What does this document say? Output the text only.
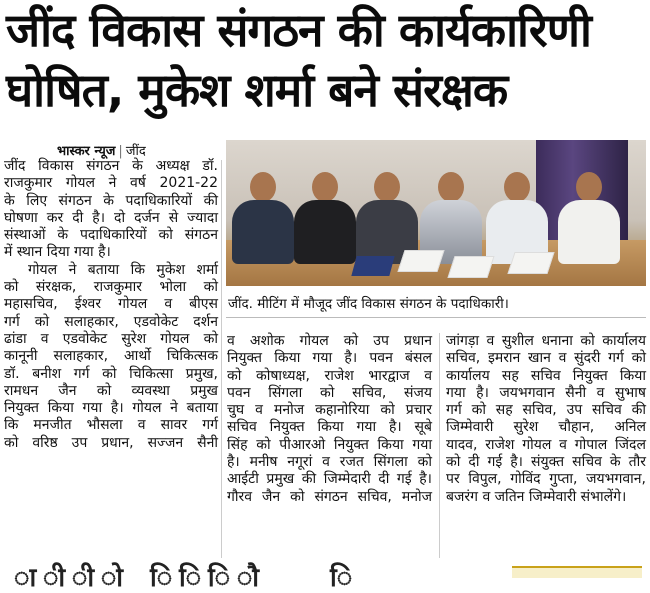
जींद विकास संगठन की कार्यकारिणी
घोषित, मुकेश शर्मा बने संरक्षक
भास्कर न्यूज | जींद
जींद. मीटिंग में मौजूद जींद विकास संगठन के पदाधिकारी।
जींद विकास संगठन के अध्यक्ष डॉ.
राजकुमार गोयल ने वर्ष 2021-22
के लिए संगठन के पदाधिकारियों की
घोषणा कर दी है। दो दर्जन से ज्यादा
संस्थाओं के पदाधिकारियों को संगठन
में स्थान दिया गया है।
गोयल ने बताया कि मुकेश शर्मा
को संरक्षक, राजकुमार भोला को
महासचिव, ईश्वर गोयल व बीएस
गर्ग को सलाहकार, एडवोकेट दर्शन
ढांडा व एडवोकेट सुरेश गोयल को
कानूनी सलाहकार, आर्थो चिकित्सक
डॉ. बनीश गर्ग को चिकित्सा प्रमुख,
रामधन जैन को व्यवस्था प्रमुख
नियुक्त किया गया है। गोयल ने बताया
कि मनजीत भौसला व सावर गर्ग
को वरिष्ठ उप प्रधान, सज्जन सैनी
व अशोक गोयल को उप प्रधान
नियुक्त किया गया है। पवन बंसल
को कोषाध्यक्ष, राजेश भारद्वाज व
पवन सिंगला को सचिव, संजय
चुघ व मनोज कहानोरिया को प्रचार
सचिव नियुक्त किया गया है। सूबे
सिंह को पीआरओ नियुक्त किया गया
है। मनीष नगूरां व रजत सिंगला को
आईटी प्रमुख की जिम्मेदारी दी गई है।
गौरव जैन को संगठन सचिव, मनोज
जांगड़ा व सुशील धनाना को कार्यालय
सचिव, इमरान खान व सुंदरी गर्ग को
कार्यालय सह सचिव नियुक्त किया
गया है। जयभगवान सैनी व सुभाष
गर्ग को सह सचिव, उप सचिव की
जिम्मेवारी सुरेश चौहान, अनिल
यादव, राजेश गोयल व गोपाल जिंदल
को दी गई है। संयुक्त सचिव के तौर
पर विपुल, गोविंद गुप्ता, जयभगवान,
बजरंग व जतिन जिम्मेवारी संभालेंगे।
ा ी ी ो ि ि ि ौ	ि
